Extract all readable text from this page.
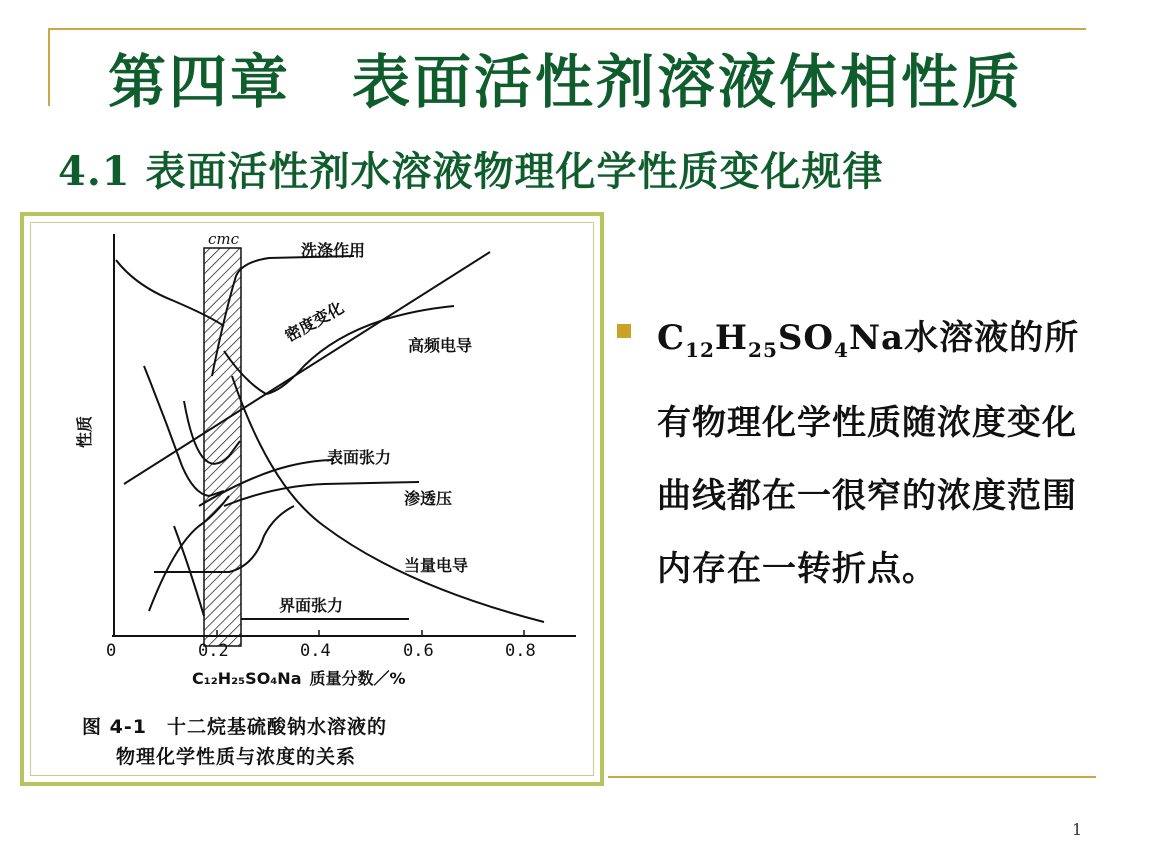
第四章　表面活性剂溶液体相性质
4.1 表面活性剂水溶液物理化学性质变化规律
cmc
洗涤作用
密度变化
高频电导
表面张力
渗透压
当量电导
界面张力
性质
0	0.2	0.4	0.6	0.8
C₁₂H₂₅SO₄Na 质量分数／%
图 4-1　十二烷基硫酸钠水溶液的
物理化学性质与浓度的关系
$C_{12}H_{25}SO_4Na$水溶液的所有物理化学性质随浓度变化曲线都在一很窄的浓度范围内存在一转折点。
1
